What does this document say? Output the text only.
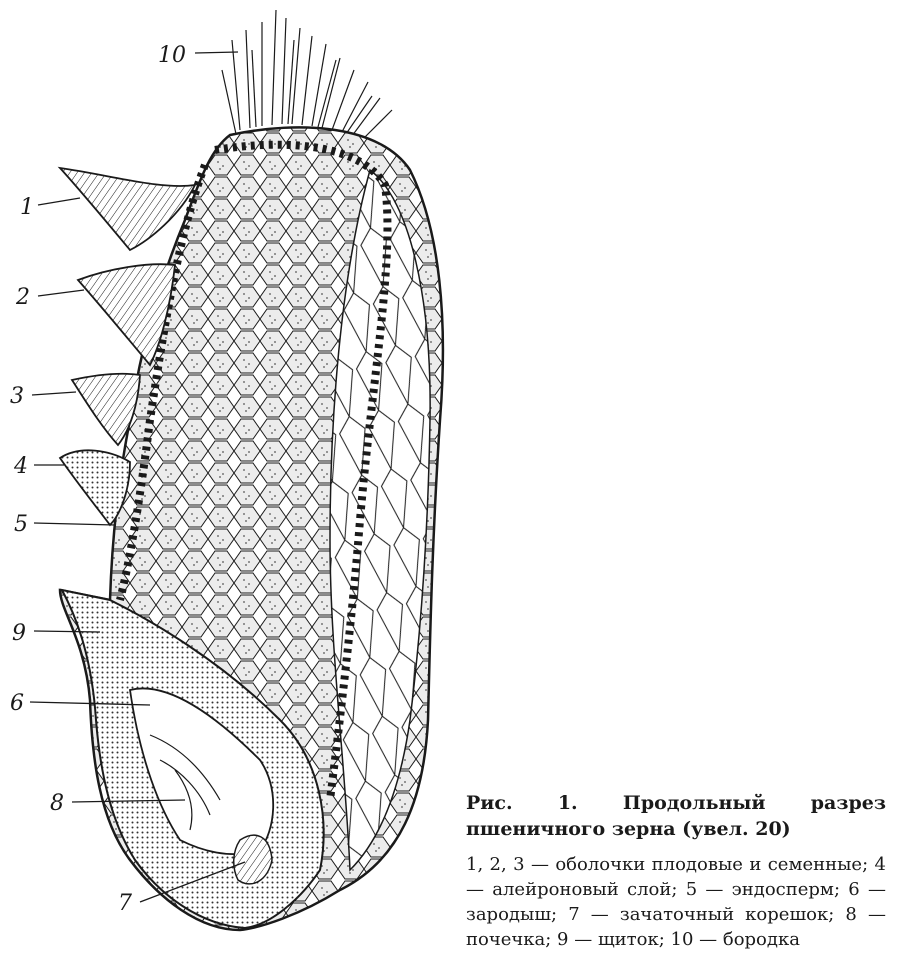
10
1
2
3
4
5
9
6
8
7

Рис. 1. Продольный разрез пшеничного зерна (увел. 20)

1, 2, 3 — оболочки плодовые и семенные; 4 — алейроновый слой; 5 — эндосперм; 6 — зародыш; 7 — зачаточный корешок; 8 — почечка; 9 — щиток; 10 — бородка
